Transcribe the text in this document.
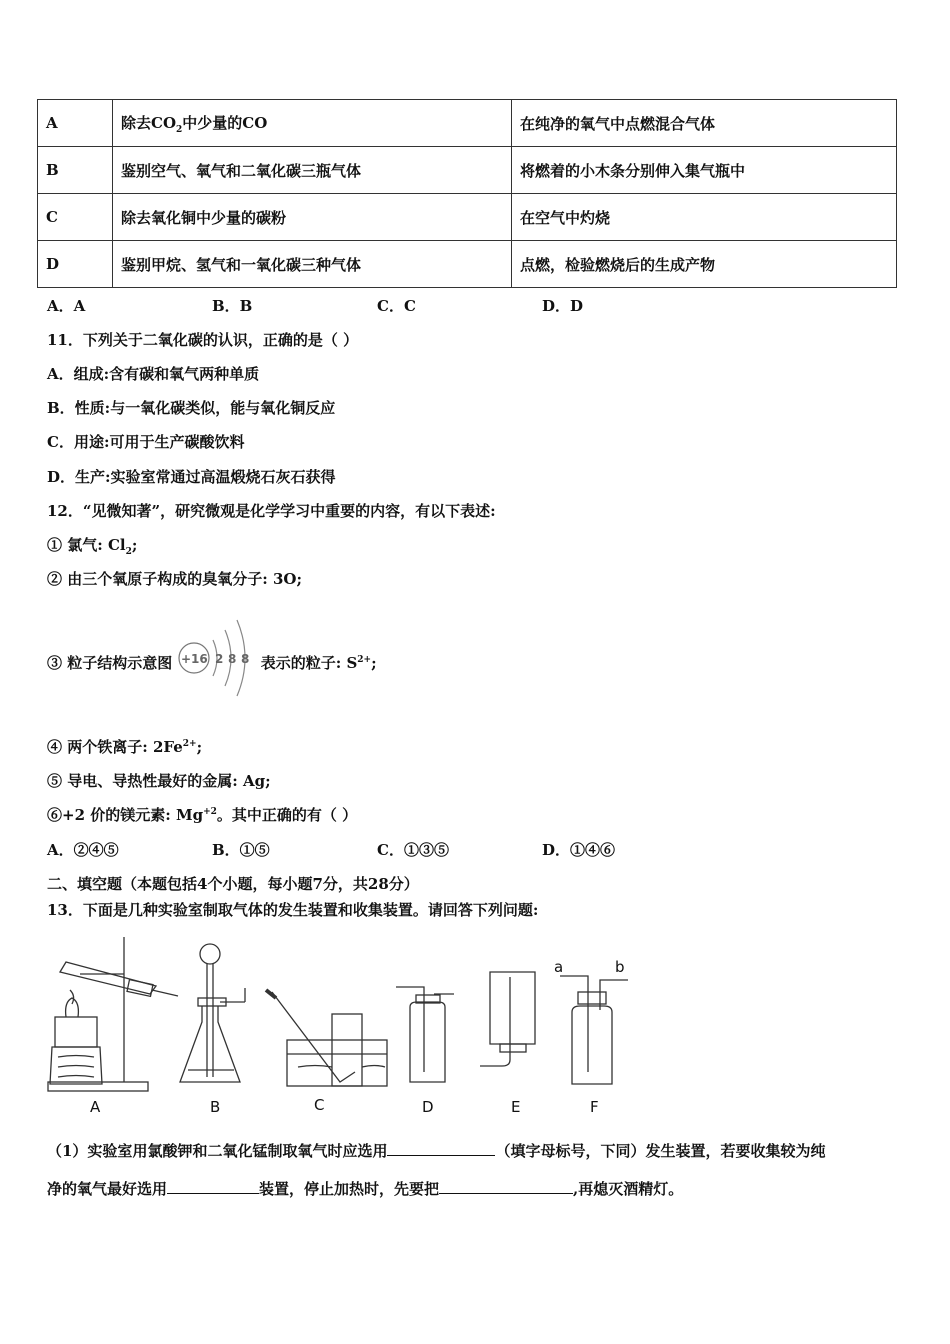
A	除去$CO_2$中少量的CO	在纯净的氧气中点燃混合气体
B	鉴别空气、氧气和二氧化碳三瓶气体	将燃着的小木条分别伸入集气瓶中
C	除去氧化铜中少量的碳粉	在空气中灼烧
D	鉴别甲烷、氢气和一氧化碳三种气体	点燃，检验燃烧后的生成产物
A．A	B．B	C．C	D．D
11．下列关于二氧化碳的认识，正确的是（ ）
A．组成:含有碳和氧气两种单质
B．性质:与一氧化碳类似，能与氧化铜反应
C．用途:可用于生产碳酸饮料
D．生产:实验室常通过高温煅烧石灰石获得
12．“见微知著”，研究微观是化学学习中重要的内容，有以下表述:
① 氯气: $Cl_2$;
② 由三个氧原子构成的臭氧分子: 3O;
③ 粒子结构示意图 +16 2 8 8 表示的粒子: $S^{2+}$;
④ 两个铁离子: $2Fe^{2+}$;
⑤ 导电、导热性最好的金属: Ag;
⑥+2 价的镁元素: $Mg^{+2}$。其中正确的有（ ）
A．②④⑤	B．①⑤	C．①③⑤	D．①④⑥
二、填空题（本题包括4个小题，每小题7分，共28分）
13．下面是几种实验室制取气体的发生装置和收集装置。请回答下列问题:
A	B	C	D	E	F
a	b
（1）实验室用氯酸钾和二氧化锰制取氧气时应选用	（填字母标号，下同）发生装置，若要收集较为纯
净的氧气最好选用	装置，停止加热时，先要把	,再熄灭酒精灯。
